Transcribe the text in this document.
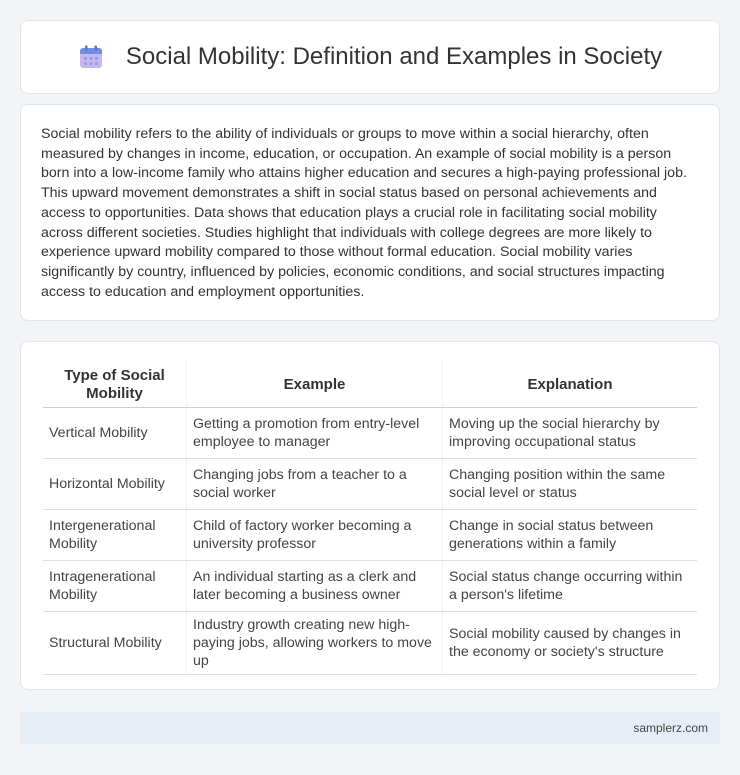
Social Mobility: Definition and Examples in Society

Social mobility refers to the ability of individuals or groups to move within a social hierarchy, often measured by changes in income, education, or occupation. An example of social mobility is a person born into a low-income family who attains higher education and secures a high-paying professional job. This upward movement demonstrates a shift in social status based on personal achievements and access to opportunities. Data shows that education plays a crucial role in facilitating social mobility across different societies. Studies highlight that individuals with college degrees are more likely to experience upward mobility compared to those without formal education. Social mobility varies significantly by country, influenced by policies, economic conditions, and social structures impacting access to education and employment opportunities.

Type of Social Mobility	Example	Explanation
Vertical Mobility	Getting a promotion from entry-level employee to manager	Moving up the social hierarchy by improving occupational status
Horizontal Mobility	Changing jobs from a teacher to a social worker	Changing position within the same social level or status
Intergenerational Mobility	Child of factory worker becoming a university professor	Change in social status between generations within a family
Intragenerational Mobility	An individual starting as a clerk and later becoming a business owner	Social status change occurring within a person's lifetime
Structural Mobility	Industry growth creating new high-paying jobs, allowing workers to move up	Social mobility caused by changes in the economy or society's structure
samplerz.com
